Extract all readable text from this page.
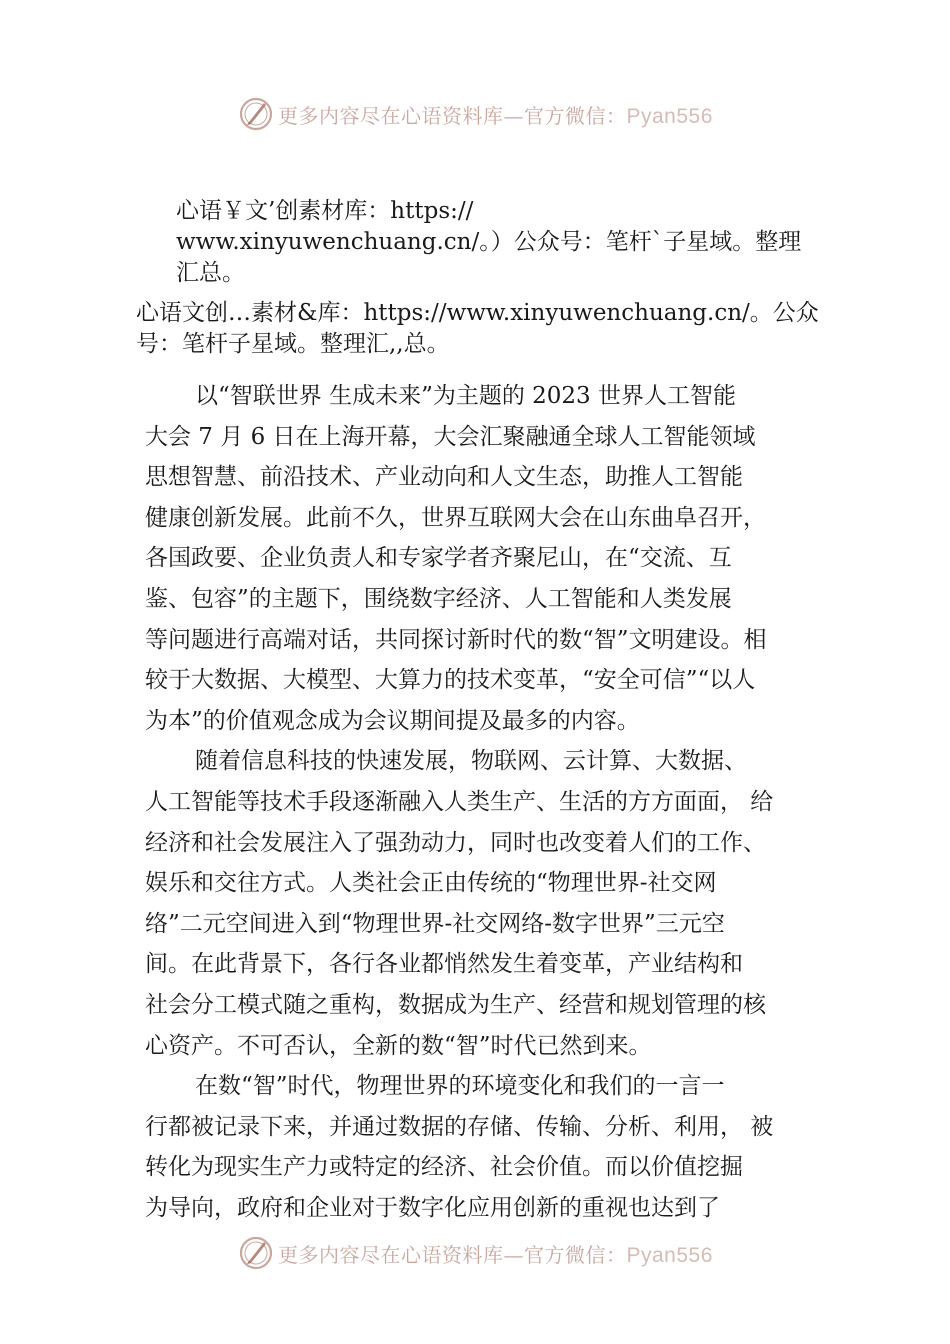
更多内容尽在心语资料库—官方微信：Pyan556
心语￥文’创素材库：https://
www.xinyuwenchuang.cn/。）公众号：笔杆`子星域。整理
汇总。
心语文创…素材&库：https://www.xinyuwenchuang.cn/。公众
号：笔杆子星域。整理汇,,总。
以“智联世界 生成未来”为主题的 2023 世界人工智能
大会 7 月 6 日在上海开幕，大会汇聚融通全球人工智能领域
思想智慧、前沿技术、产业动向和人文生态，助推人工智能
健康创新发展。此前不久，世界互联网大会在山东曲阜召开，
各国政要、企业负责人和专家学者齐聚尼山，在“交流、互
鉴、包容”的主题下，围绕数字经济、人工智能和人类发展
等问题进行高端对话，共同探讨新时代的数“智”文明建设。相
较于大数据、大模型、大算力的技术变革，“安全可信”“以人
为本”的价值观念成为会议期间提及最多的内容。
随着信息科技的快速发展，物联网、云计算、大数据、
人工智能等技术手段逐渐融入人类生产、生活的方方面面， 给
经济和社会发展注入了强劲动力，同时也改变着人们的工作、
娱乐和交往方式。人类社会正由传统的“物理世界-社交网
络”二元空间进入到“物理世界-社交网络-数字世界”三元空
间。在此背景下，各行各业都悄然发生着变革，产业结构和
社会分工模式随之重构，数据成为生产、经营和规划管理的核
心资产。不可否认，全新的数“智”时代已然到来。
在数“智”时代，物理世界的环境变化和我们的一言一
行都被记录下来，并通过数据的存储、传输、分析、利用， 被
转化为现实生产力或特定的经济、社会价值。而以价值挖掘
为导向，政府和企业对于数字化应用创新的重视也达到了
更多内容尽在心语资料库—官方微信：Pyan556
